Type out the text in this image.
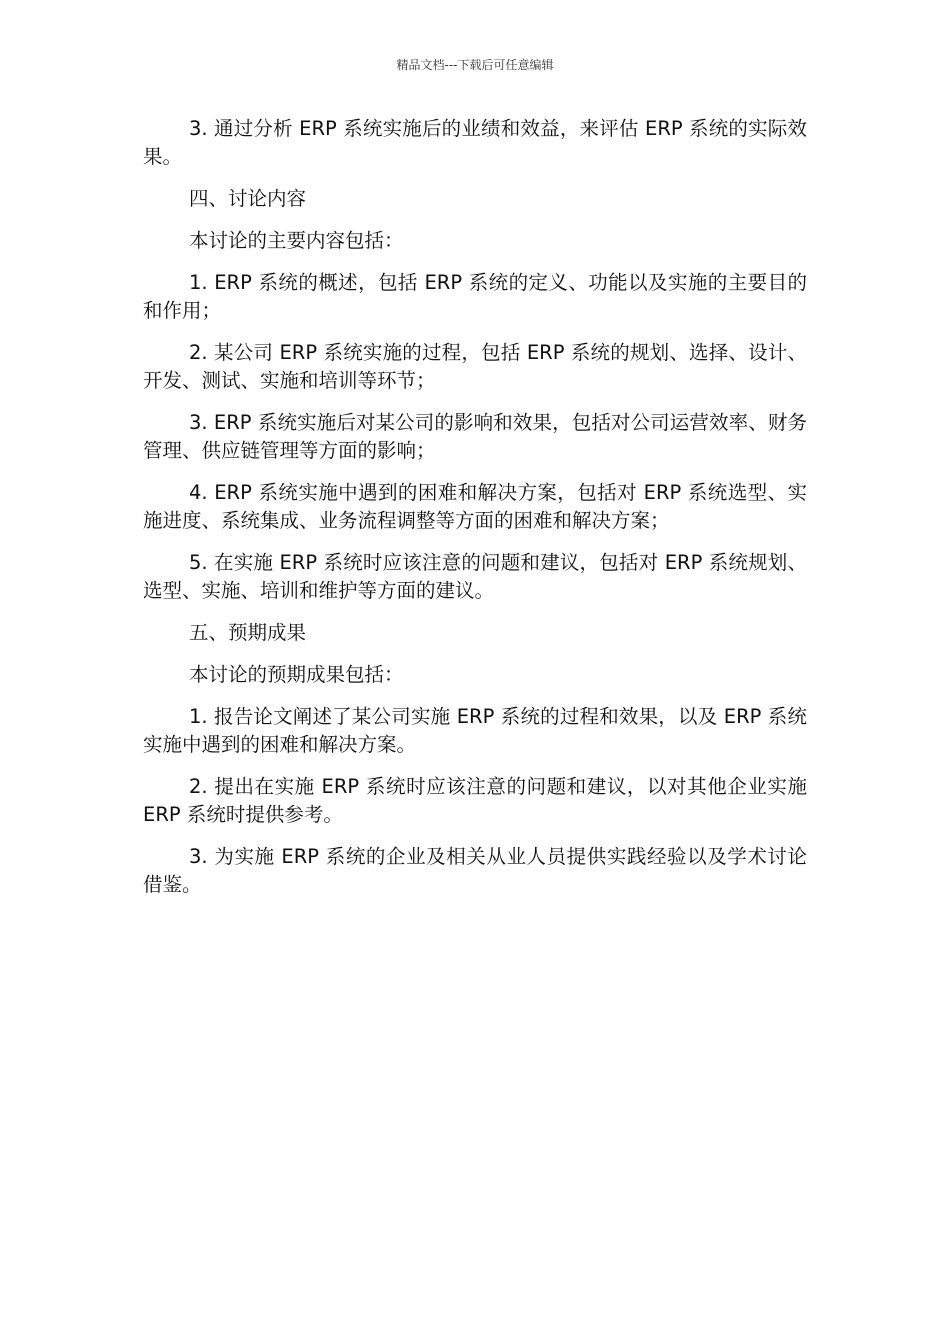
精品文档---下载后可任意编辑

3. 通过分析 ERP 系统实施后的业绩和效益，来评估 ERP 系统的实际效果。

四、讨论内容

本讨论的主要内容包括：

1. ERP 系统的概述，包括 ERP 系统的定义、功能以及实施的主要目的和作用；

2. 某公司 ERP 系统实施的过程，包括 ERP 系统的规划、选择、设计、开发、测试、实施和培训等环节；

3. ERP 系统实施后对某公司的影响和效果，包括对公司运营效率、财务管理、供应链管理等方面的影响；

4. ERP 系统实施中遇到的困难和解决方案，包括对 ERP 系统选型、实施进度、系统集成、业务流程调整等方面的困难和解决方案；

5. 在实施 ERP 系统时应该注意的问题和建议，包括对 ERP 系统规划、选型、实施、培训和维护等方面的建议。

五、预期成果

本讨论的预期成果包括：

1. 报告论文阐述了某公司实施 ERP 系统的过程和效果，以及 ERP 系统实施中遇到的困难和解决方案。

2. 提出在实施 ERP 系统时应该注意的问题和建议，以对其他企业实施 ERP 系统时提供参考。

3. 为实施 ERP 系统的企业及相关从业人员提供实践经验以及学术讨论借鉴。
